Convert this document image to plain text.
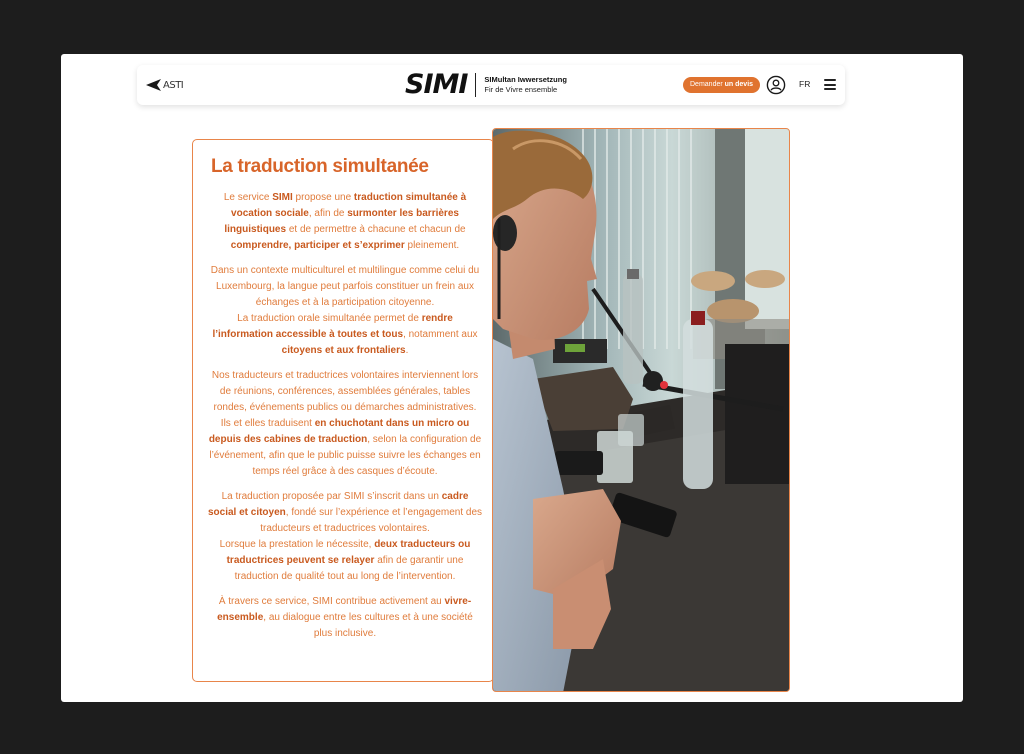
ASTI	SIMI SIMultan Iwwersetzung
Fir de Vivre ensemble
Demander un devis	FR
La traduction simultanée

Le service SIMI propose une traduction simultanée à vocation sociale, afin de surmonter les barrières linguistiques et de permettre à chacune et chacun de comprendre, participer et s’exprimer pleinement.

Dans un contexte multiculturel et multilingue comme celui du Luxembourg, la langue peut parfois constituer un frein aux échanges et à la participation citoyenne.
La traduction orale simultanée permet de rendre l’information accessible à toutes et tous, notamment aux citoyens et aux frontaliers.

Nos traducteurs et traductrices volontaires interviennent lors de réunions, conférences, assemblées générales, tables rondes, événements publics ou démarches administratives.
Ils et elles traduisent en chuchotant dans un micro ou depuis des cabines de traduction, selon la configuration de l’événement, afin que le public puisse suivre les échanges en temps réel grâce à des casques d’écoute.

La traduction proposée par SIMI s’inscrit dans un cadre social et citoyen, fondé sur l’expérience et l’engagement des traducteurs et traductrices volontaires.
Lorsque la prestation le nécessite, deux traducteurs ou traductrices peuvent se relayer afin de garantir une traduction de qualité tout au long de l’intervention.

À travers ce service, SIMI contribue activement au vivre-ensemble, au dialogue entre les cultures et à une société plus inclusive.
